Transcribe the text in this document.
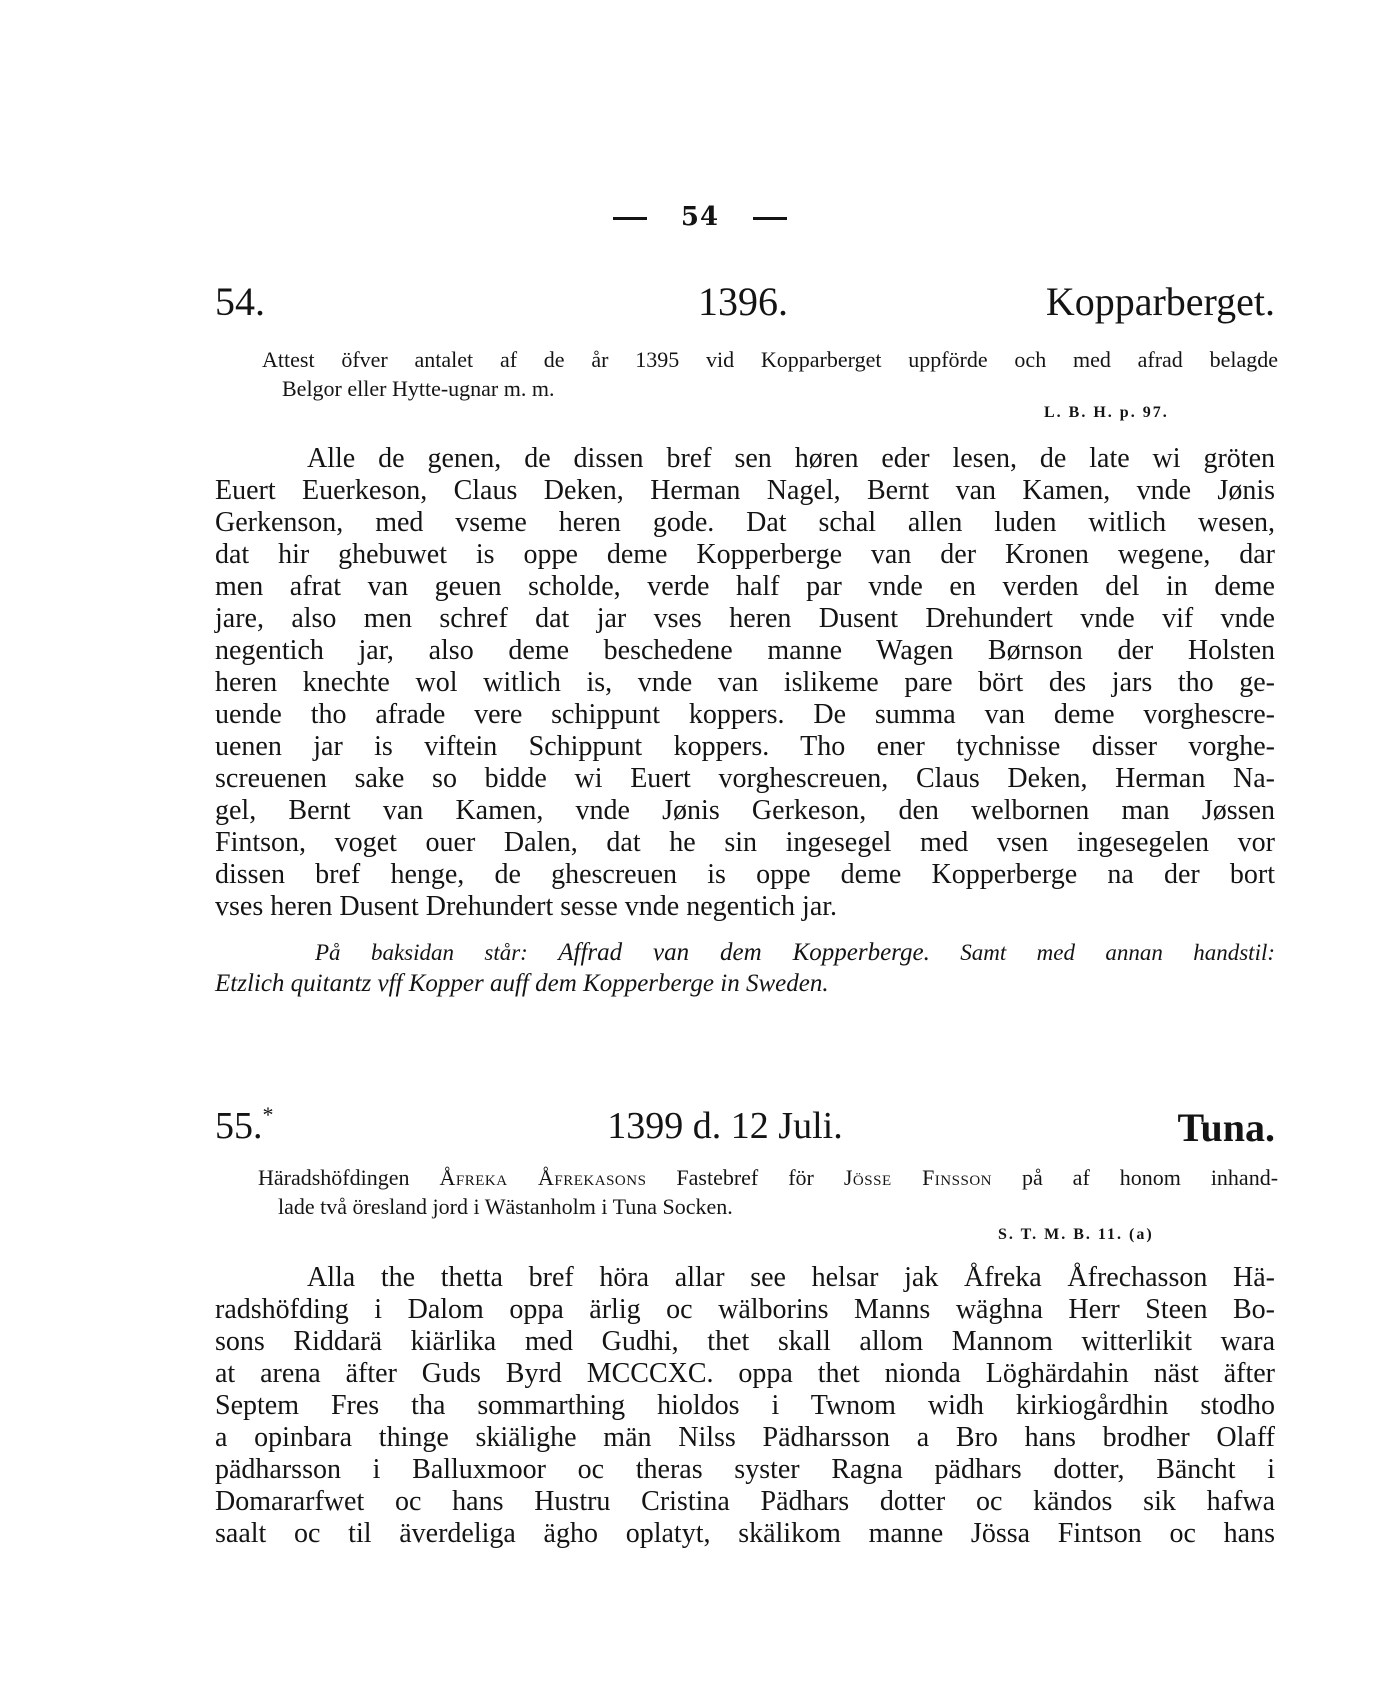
54
54.	1396.	Kopparberget.

Attest öfver antalet af de år 1395 vid Kopparberget uppförde och med afrad belagde

Belgor eller Hytte-ugnar m. m.

L. B. H. p. 97.
Alle de genen, de dissen bref sen høren eder lesen, de late wi gröten
Euert Euerkeson, Claus Deken, Herman Nagel, Bernt van Kamen, vnde Jønis
Gerkenson, med vseme heren gode. Dat schal allen luden witlich wesen,
dat hir ghebuwet is oppe deme Kopperberge van der Kronen wegene, dar
men afrat van geuen scholde, verde half par vnde en verden del in deme
jare, also men schref dat jar vses heren Dusent Drehundert vnde vif vnde
negentich jar, also deme beschedene manne Wagen Børnson der Holsten
heren knechte wol witlich is, vnde van islikeme pare bört des jars tho ge-
uende tho afrade vere schippunt koppers. De summa van deme vorghescre-
uenen jar is viftein Schippunt koppers. Tho ener tychnisse disser vorghe-
screuenen sake so bidde wi Euert vorghescreuen, Claus Deken, Herman Na-
gel, Bernt van Kamen, vnde Jønis Gerkeson, den welbornen man Jøssen
Fintson, voget ouer Dalen, dat he sin ingesegel med vsen ingesegelen vor
dissen bref henge, de ghescreuen is oppe deme Kopperberge na der bort
vses heren Dusent Drehundert sesse vnde negentich jar.
På baksidan står: Affrad van dem Kopperberge. Samt med annan handstil:
Etzlich quitantz vff Kopper auff dem Kopperberge in Sweden.
55.*	1399 d. 12 Juli.	Tuna.

Häradshöfdingen Åfreka Åfrekasons Fastebref för Jösse Finsson på af honom inhand-

lade två öresland jord i Wästanholm i Tuna Socken.

S. T. M. B. 11. (a)
Alla the thetta bref höra allar see helsar jak Åfreka Åfrechasson Hä-
radshöfding i Dalom oppa ärlig oc wälborins Manns wäghna Herr Steen Bo-
sons Riddarä kiärlika med Gudhi, thet skall allom Mannom witterlikit wara
at arena äfter Guds Byrd MCCCXC. oppa thet nionda Löghärdahin näst äfter
Septem Fres tha sommarthing hioldos i Twnom widh kirkiogårdhin stodho
a opinbara thinge skiälighe män Nilss Pädharsson a Bro hans brodher Olaff
pädharsson i Balluxmoor oc theras syster Ragna pädhars dotter, Bäncht i
Domararfwet oc hans Hustru Cristina Pädhars dotter oc kändos sik hafwa
saalt oc til äverdeliga ägho oplatyt, skälikom manne Jössa Fintson oc hans
